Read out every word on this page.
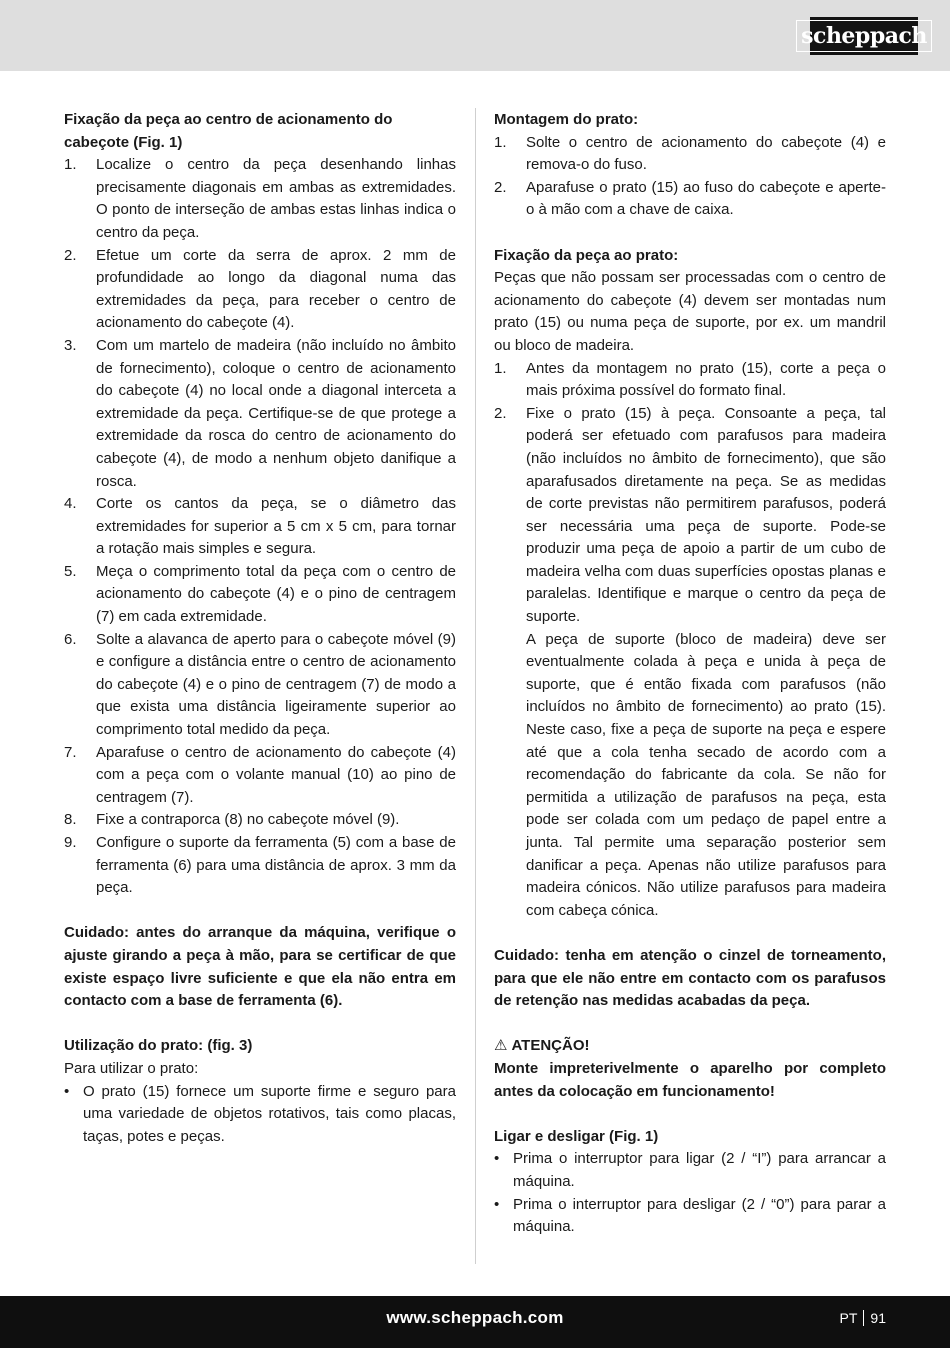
scheppach
Fixação da peça ao centro de acionamento do cabeçote (Fig. 1)
1.	Localize o centro da peça desenhando linhas precisamente diagonais em ambas as extremidades. O ponto de interseção de ambas estas linhas indica o centro da peça.
2.	Efetue um corte da serra de aprox. 2 mm de profundidade ao longo da diagonal numa das extremidades da peça, para receber o centro de acionamento do cabeçote (4).
3.	Com um martelo de madeira (não incluído no âmbito de fornecimento), coloque o centro de acionamento do cabeçote (4) no local onde a diagonal interceta a extremidade da peça. Certifique-se de que protege a extremidade da rosca do centro de acionamento do cabeçote (4), de modo a nenhum objeto danifique a rosca.
4.	Corte os cantos da peça, se o diâmetro das extremidades for superior a 5 cm x 5 cm, para tornar a rotação mais simples e segura.
5.	Meça o comprimento total da peça com o centro de acionamento do cabeçote (4) e o pino de centragem (7) em cada extremidade.
6.	Solte a alavanca de aperto para o cabeçote móvel (9) e configure a distância entre o centro de acionamento do cabeçote (4) e o pino de centragem (7) de modo a que exista uma distância ligeiramente superior ao comprimento total medido da peça.
7.	Aparafuse o centro de acionamento do cabeçote (4) com a peça com o volante manual (10) ao pino de centragem (7).
8.	Fixe a contraporca (8) no cabeçote móvel (9).
9.	Configure o suporte da ferramenta (5) com a base de ferramenta (6) para uma distância de aprox. 3 mm da peça.
Cuidado: antes do arranque da máquina, verifique o ajuste girando a peça à mão, para se certificar de que existe espaço livre suficiente e que ela não entra em contacto com a base de ferramenta (6).
Utilização do prato: (fig. 3)
Para utilizar o prato:
• O prato (15) fornece um suporte firme e seguro para uma variedade de objetos rotativos, tais como placas, taças, potes e peças.
Montagem do prato:
1.	Solte o centro de acionamento do cabeçote (4) e remova-o do fuso.
2.	Aparafuse o prato (15) ao fuso do cabeçote e aperte-o à mão com a chave de caixa.
Fixação da peça ao prato:
Peças que não possam ser processadas com o centro de acionamento do cabeçote (4) devem ser montadas num prato (15) ou numa peça de suporte, por ex. um mandril ou bloco de madeira.
1.	Antes da montagem no prato (15), corte a peça o mais próxima possível do formato final.
2.	Fixe o prato (15) à peça. Consoante a peça, tal poderá ser efetuado com parafusos para madeira (não incluídos no âmbito de fornecimento), que são aparafusados diretamente na peça. Se as medidas de corte previstas não permitirem parafusos, poderá ser necessária uma peça de suporte. Pode-se produzir uma peça de apoio a partir de um cubo de madeira velha com duas superfícies opostas planas e paralelas. Identifique e marque o centro da peça de suporte.
A peça de suporte (bloco de madeira) deve ser eventualmente colada à peça e unida à peça de suporte, que é então fixada com parafusos (não incluídos no âmbito de fornecimento) ao prato (15). Neste caso, fixe a peça de suporte na peça e espere até que a cola tenha secado de acordo com a recomendação do fabricante da cola. Se não for permitida a utilização de parafusos na peça, esta pode ser colada com um pedaço de papel entre a junta. Tal permite uma separação posterior sem danificar a peça. Apenas não utilize parafusos para madeira cónicos. Não utilize parafusos para madeira com cabeça cónica.
Cuidado: tenha em atenção o cinzel de torneamento, para que ele não entre em contacto com os parafusos de retenção nas medidas acabadas da peça.
⚠ ATENÇÃO!
Monte impreterivelmente o aparelho por completo antes da colocação em funcionamento!
Ligar e desligar (Fig. 1)
• Prima o interruptor para ligar (2 / “I”) para arrancar a máquina.
• Prima o interruptor para desligar (2 / “0”) para parar a máquina.
www.scheppach.com	PT 91
